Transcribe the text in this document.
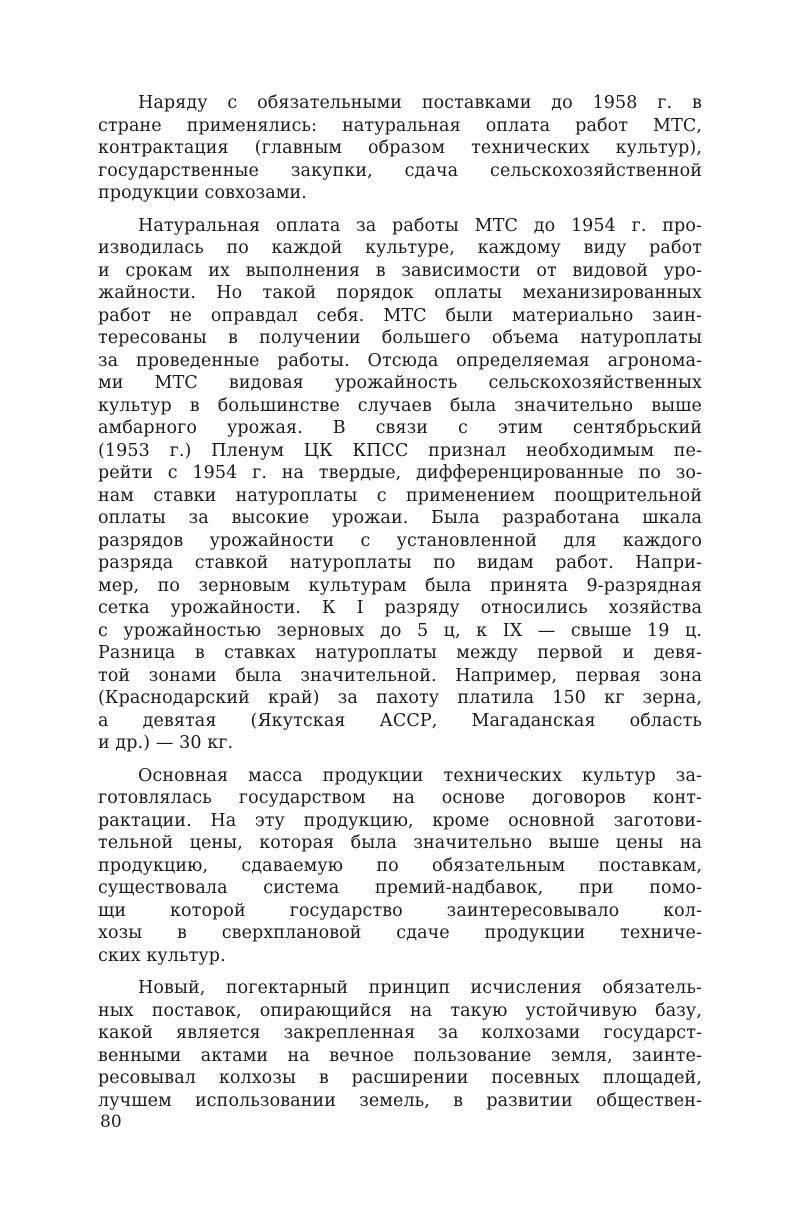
Наряду с обязательными поставками до 1958 г. в
стране применялись: натуральная оплата работ МТС,
контрактация (главным образом технических культур),
государственные закупки, сдача сельскохозяйственной
продукции совхозами.
Натуральная оплата за работы МТС до 1954 г. про-
изводилась по каждой культуре, каждому виду работ
и срокам их выполнения в зависимости от видовой уро-
жайности. Но такой порядок оплаты механизированных
работ не оправдал себя. МТС были материально заин-
тересованы в получении большего объема натуроплаты
за проведенные работы. Отсюда определяемая агрономa-
ми МТС видовая урожайность сельскохозяйственных
культур в большинстве случаев была значительно выше
амбарного урожая. В связи с этим сентябрьский
(1953 г.) Пленум ЦК КПСС признал необходимым пе-
рейти с 1954 г. на твердые, дифференцированные по зо-
нам ставки натуроплаты с применением поощрительной
оплаты за высокие урожаи. Была разработана шкала
разрядов урожайности с установленной для каждого
разряда ставкой натуроплаты по видам работ. Напри-
мер, по зерновым культурам была принята 9-разрядная
сетка урожайности. К I разряду относились хозяйства
с урожайностью зерновых до 5 ц, к IX — свыше 19 ц.
Разница в ставках натуроплаты между первой и девя-
той зонами была значительной. Например, первая зона
(Краснодарский край) за пахоту платила 150 кг зерна,
а девятая (Якутская АССР, Магаданская область
и др.) — 30 кг.
Основная масса продукции технических культур за-
готовлялась государством на основе договоров конт-
рактации. На эту продукцию, кроме основной заготови-
тельной цены, которая была значительно выше цены на
продукцию, сдаваемую по обязательным поставкам,
существовала система премий-надбавок, при помо-
щи которой государство заинтересовывало кол-
хозы в сверхплановой сдаче продукции техниче-
ских культур.
Новый, погектарный принцип исчисления обязатель-
ных поставок, опирающийся на такую устойчивую базу,
какой является закрепленная за колхозами государст-
венными актами на вечное пользование земля, заинте-
ресовывал колхозы в расширении посевных площадей,
лучшем использовании земель, в развитии обществен-
80
